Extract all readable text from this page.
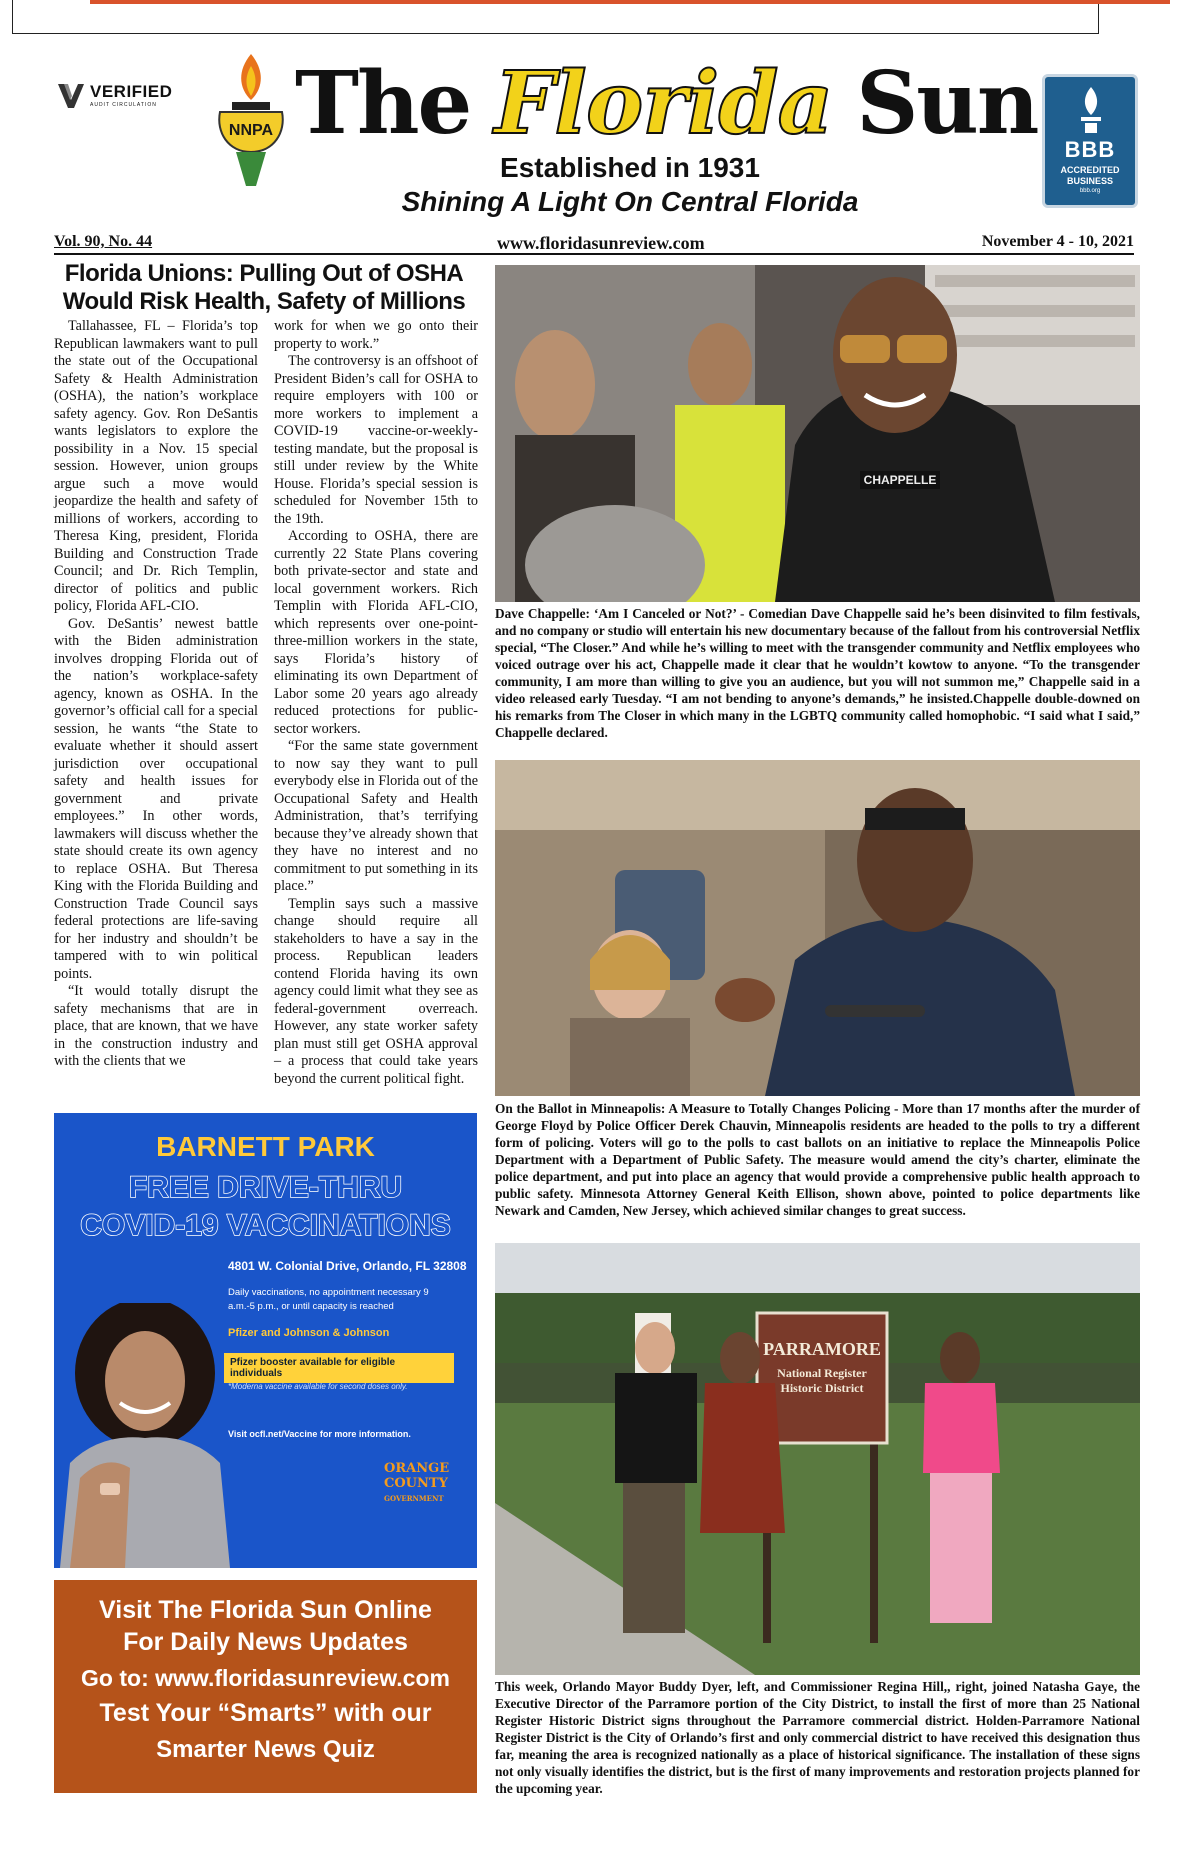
VERIFIED
AUDIT CIRCULATION
NNPA The Florida Sun
Established in 1931
Shining A Light On Central Florida
BBB
ACCREDITED BUSINESS
bbb.org
Vol. 90, No. 44	www.floridasunreview.com	November 4 - 10, 2021
Florida Unions: Pulling Out of OSHA Would Risk Health, Safety of Millions

Tallahassee, FL – Florida’s top Republican lawmakers want to pull the state out of the Occupational Safety & Health Administration (OSHA), the nation’s workplace safety agency. Gov. Ron DeSantis wants legislators to explore the possibility in a Nov. 15 special session. However, union groups argue such a move would jeopardize the health and safety of millions of workers, according to Theresa King, president, Florida Building and Construction Trade Council; and Dr. Rich Templin, director of politics and public policy, Florida AFL-CIO.

Gov. DeSantis’ newest battle with the Biden administration involves dropping Florida out of the nation’s workplace-safety agency, known as OSHA. In the governor’s official call for a special session, he wants “the State to evaluate whether it should assert jurisdiction over occupational safety and health issues for government and private employees.” In other words, lawmakers will discuss whether the state should create its own agency to replace OSHA. But Theresa King with the Florida Building and Construction Trade Council says federal protections are life-saving for her industry and shouldn’t be tampered with to win political points.

“It would totally disrupt the safety mechanisms that are in place, that are known, that we have in the construction industry and with the clients that we

work for when we go onto their property to work.”

The controversy is an offshoot of President Biden’s call for OSHA to require employers with 100 or more workers to implement a COVID-19 vaccine-or-weekly-testing mandate, but the proposal is still under review by the White House. Florida’s special session is scheduled for November 15th to the 19th.

According to OSHA, there are currently 22 State Plans covering both private-sector and state and local government workers. Rich Templin with Florida AFL-CIO, which represents over one-point-three-million workers in the state, says Florida’s history of eliminating its own Department of Labor some 20 years ago already reduced protections for public-sector workers.

“For the same state government to now say they want to pull everybody else in Florida out of the Occupational Safety and Health Administration, that’s terrifying because they’ve already shown that they have no interest and no commitment to put something in its place.”

Templin says such a massive change should require all stakeholders to have a say in the process. Republican leaders contend Florida having its own agency could limit what they see as federal-government overreach. However, any state worker safety plan must still get OSHA approval – a process that could take years beyond the current political fight.

CHAPPELLE
Dave Chappelle: ‘Am I Canceled or Not?’ - Comedian Dave Chappelle said he’s been disinvited to film festivals, and no company or studio will entertain his new documentary because of the fallout from his controversial Netflix special, “The Closer.” And while he’s willing to meet with the transgender community and Netflix employees who voiced outrage over his act, Chappelle made it clear that he wouldn’t kowtow to anyone. “To the transgender community, I am more than willing to give you an audience, but you will not summon me,” Chappelle said in a video released early Tuesday. “I am not bending to anyone’s demands,” he insisted.Chappelle double-downed on his remarks from The Closer in which many in the LGBTQ community called homophobic. “I said what I said,” Chappelle declared.
On the Ballot in Minneapolis: A Measure to Totally Changes Policing - More than 17 months after the murder of George Floyd by Police Officer Derek Chauvin, Minneapolis residents are headed to the polls to try a different form of policing. Voters will go to the polls to cast ballots on an initiative to replace the Minneapolis Police Department with a Department of Public Safety. The measure would amend the city’s charter, eliminate the police department, and put into place an agency that would provide a comprehensive public health approach to public safety. Minnesota Attorney General Keith Ellison, shown above, pointed to police departments like Newark and Camden, New Jersey, which achieved similar changes to great success.
PARRAMORE
National Register
Historic District
This week, Orlando Mayor Buddy Dyer, left, and Commissioner Regina Hill,, right, joined Natasha Gaye, the Executive Director of the Parramore portion of the City District, to install the first of more than 25 National Register Historic District signs throughout the Parramore commercial district. Holden-Parramore National Register District is the City of Orlando’s first and only commercial district to have received this designation thus far, meaning the area is recognized nationally as a place of historical significance. The installation of these signs not only visually identifies the district, but is the first of many improvements and restoration projects planned for the upcoming year.
BARNETT PARK
FREE DRIVE-THRU
COVID-19 VACCINATIONS
4801 W. Colonial Drive, Orlando, FL 32808
Daily vaccinations, no appointment necessary 9 a.m.-5 p.m., or until capacity is reached
Pfizer and Johnson & Johnson
Pfizer booster available for eligible individuals
*Moderna vaccine available for second doses only.
Visit ocfl.net/Vaccine for more information.
ORANGE
COUNTY
GOVERNMENT
Visit The Florida Sun Online
For Daily News Updates
Go to: www.floridasunreview.com
Test Your “Smarts” with our
Smarter News Quiz
